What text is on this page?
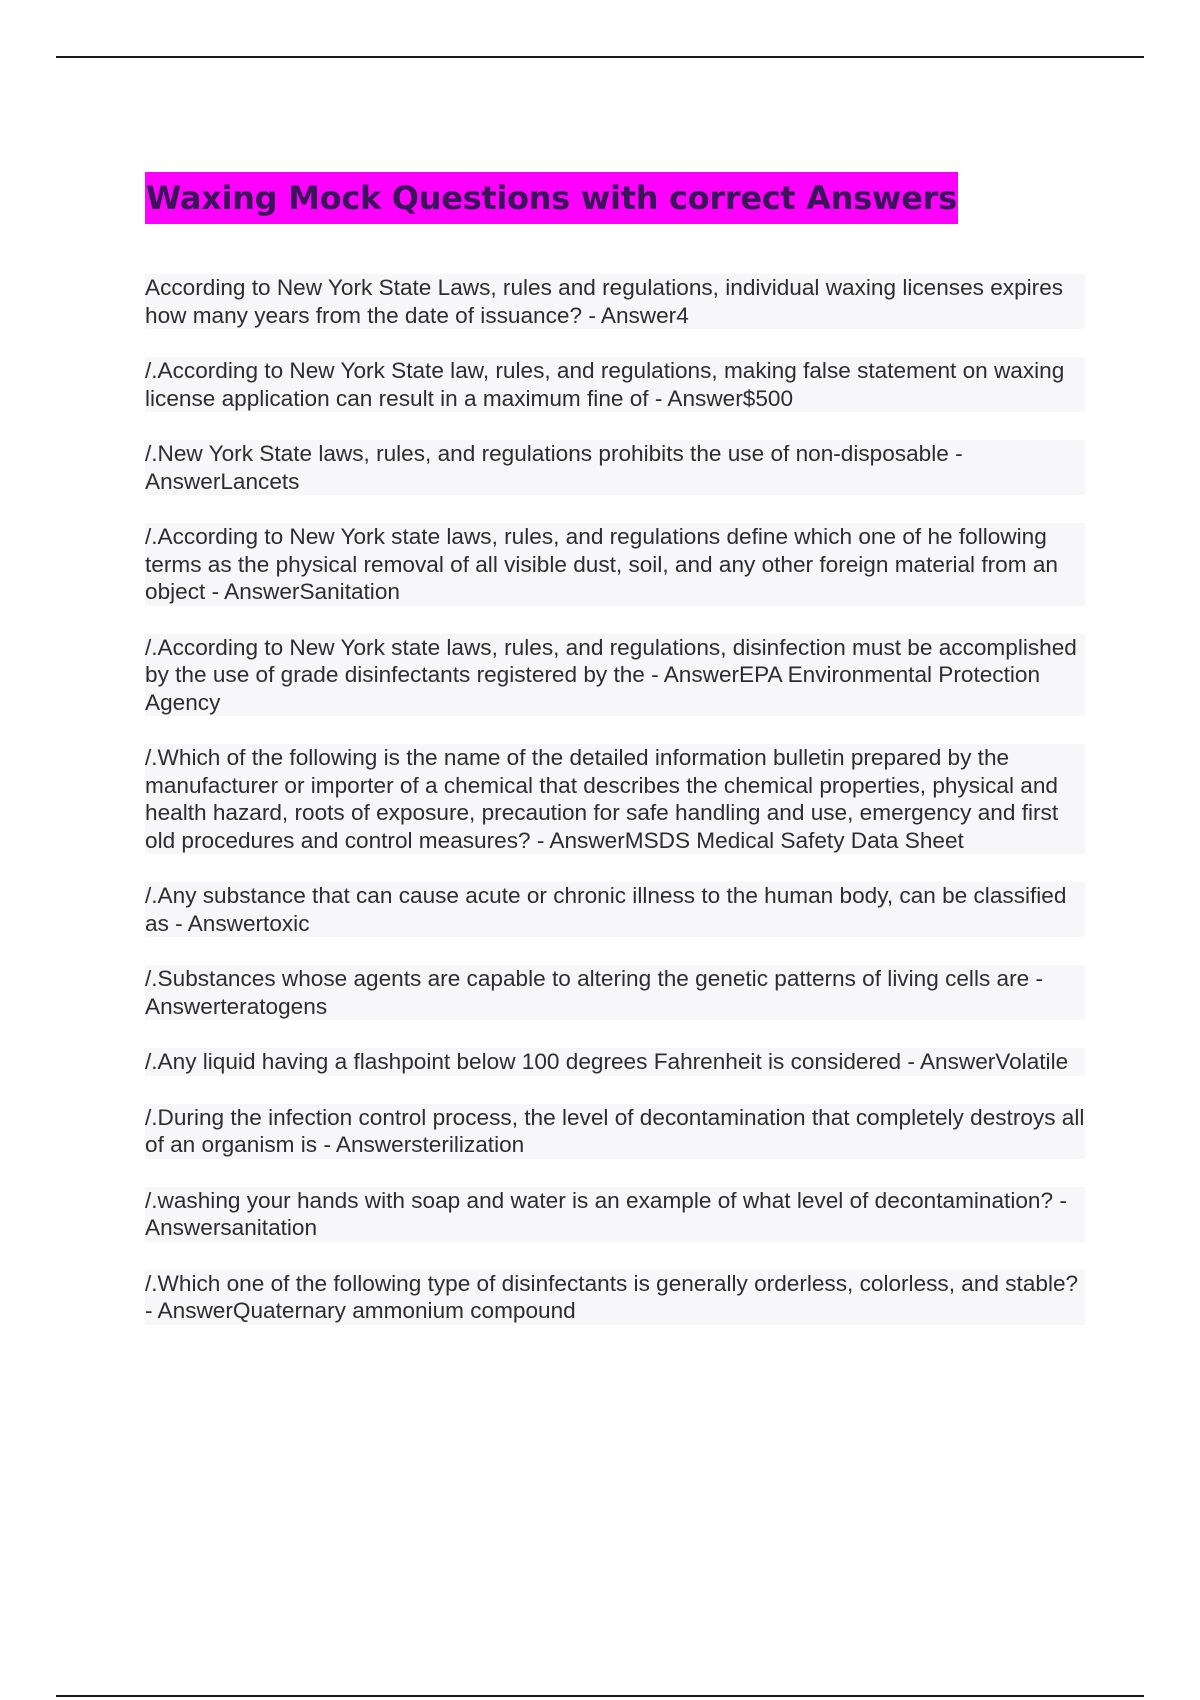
Waxing Mock Questions with correct Answers
According to New York State Laws, rules and regulations, individual waxing licenses expires how many years from the date of issuance? - Answer4
/.According to New York State law, rules, and regulations, making false statement on waxing license application can result in a maximum fine of - Answer$500
/.New York State laws, rules, and regulations prohibits the use of non-disposable - AnswerLancets
/.According to New York state laws, rules, and regulations define which one of he following terms as the physical removal of all visible dust, soil, and any other foreign material from an object - AnswerSanitation
/.According to New York state laws, rules, and regulations, disinfection must be accomplished by the use of grade disinfectants registered by the - AnswerEPA Environmental Protection Agency
/.Which of the following is the name of the detailed information bulletin prepared by the manufacturer or importer of a chemical that describes the chemical properties, physical and health hazard, roots of exposure, precaution for safe handling and use, emergency and first old procedures and control measures? - AnswerMSDS Medical Safety Data Sheet
/.Any substance that can cause acute or chronic illness to the human body, can be classified as - Answertoxic
/.Substances whose agents are capable to altering the genetic patterns of living cells are - Answerteratogens
/.Any liquid having a flashpoint below 100 degrees Fahrenheit is considered - AnswerVolatile
/.During the infection control process, the level of decontamination that completely destroys all of an organism is - Answersterilization
/.washing your hands with soap and water is an example of what level of decontamination? - Answersanitation
/.Which one of the following type of disinfectants is generally orderless, colorless, and stable? - AnswerQuaternary ammonium compound
